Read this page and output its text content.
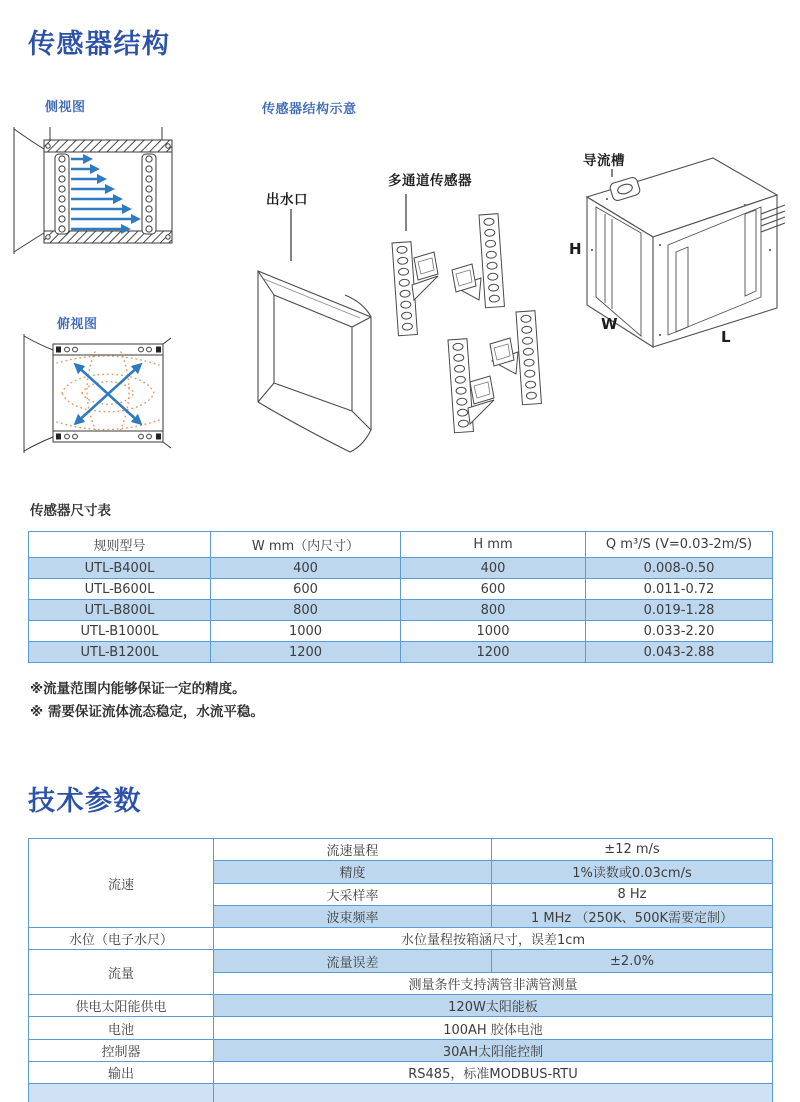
传感器结构
侧视图	传感器结构示意
俯视图
出水口
多通道传感器
导流槽
H
W
L
传感器尺寸表
规则型号	W mm（内尺寸）	H mm	Q m³/S (V=0.03-2m/S)
UTL-B400L	400	400	0.008-0.50
UTL-B600L	600	600	0.011-0.72
UTL-B800L	800	800	0.019-1.28
UTL-B1000L	1000	1000	0.033-2.20
UTL-B1200L	1200	1200	0.043-2.88
※流量范围内能够保证一定的精度。
※ 需要保证流体流态稳定，水流平稳。
技术参数
流速	流速量程	±12 m/s
	精度	1%读数或0.03cm/s
	大采样率	8 Hz
	波束频率	1 MHz （250K、500K需要定制）
水位（电子水尺）	水位量程按箱涵尺寸，误差1cm	
流量	流量误差	±2.0%
	测量条件支持满管非满管测量	
供电太阳能供电	120W太阳能板	
电池	100AH 胶体电池	
控制器	30AH太阳能控制	
输出	RS485，标准MODBUS-RTU	
